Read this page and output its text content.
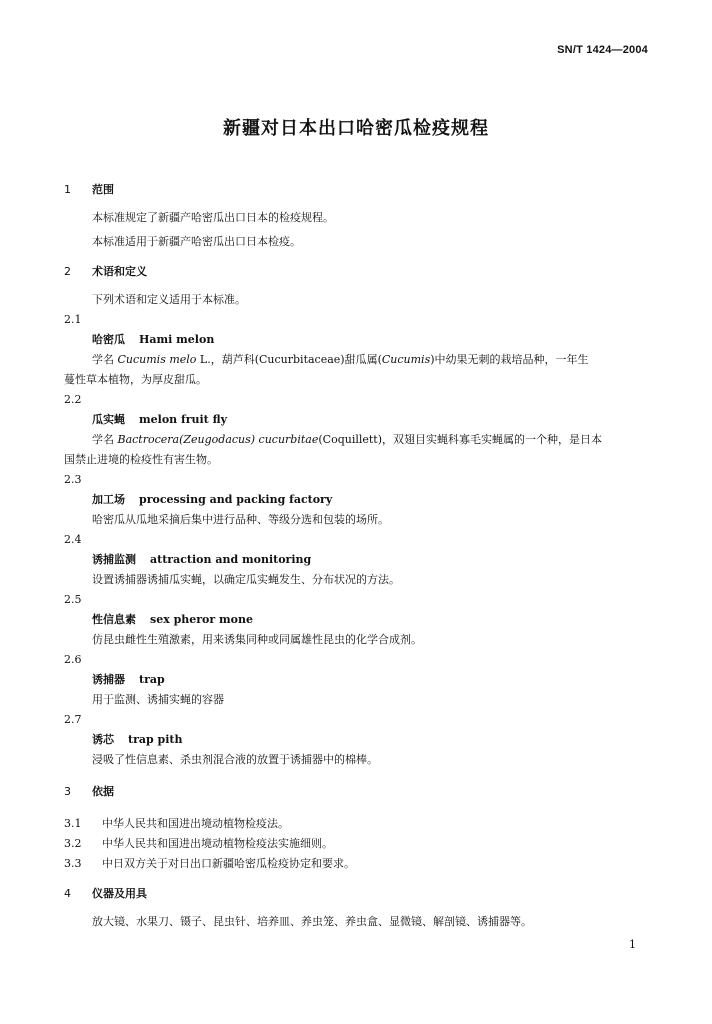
SN/T 1424—2004
新疆对日本出口哈密瓜检疫规程
1 范围
本标准规定了新疆产哈密瓜出口日本的检疫规程。
本标准适用于新疆产哈密瓜出口日本检疫。
2 术语和定义
下列术语和定义适用于本标准。
2.1
哈密瓜 Hami melon
学名 Cucumis melo L.，葫芦科(Cucurbitaceae)甜瓜属(Cucumis)中幼果无刺的栽培品种，一年生
蔓性草本植物，为厚皮甜瓜。
2.2
瓜实蝇 melon fruit fly
学名 Bactrocera(Zeugodacus) cucurbitae(Coquillett)，双翅目实蝇科寡毛实蝇属的一个种，是日本
国禁止进境的检疫性有害生物。
2.3
加工场 processing and packing factory
哈密瓜从瓜地采摘后集中进行品种、等级分选和包装的场所。
2.4
诱捕监测 attraction and monitoring
设置诱捕器诱捕瓜实蝇，以确定瓜实蝇发生、分布状况的方法。
2.5
性信息素 sex pheror mone
仿昆虫雌性生殖激素，用来诱集同种或同属雄性昆虫的化学合成剂。
2.6
诱捕器 trap
用于监测、诱捕实蝇的容器
2.7
诱芯 trap pith
浸吸了性信息素、杀虫剂混合液的放置于诱捕器中的棉棒。
3 依据
3.1 中华人民共和国进出境动植物检疫法。
3.2 中华人民共和国进出境动植物检疫法实施细则。
3.3 中日双方关于对日出口新疆哈密瓜检疫协定和要求。
4 仪器及用具
放大镜、水果刀、镊子、昆虫针、培养皿、养虫笼、养虫盒、显微镜、解剖镜、诱捕器等。
1
